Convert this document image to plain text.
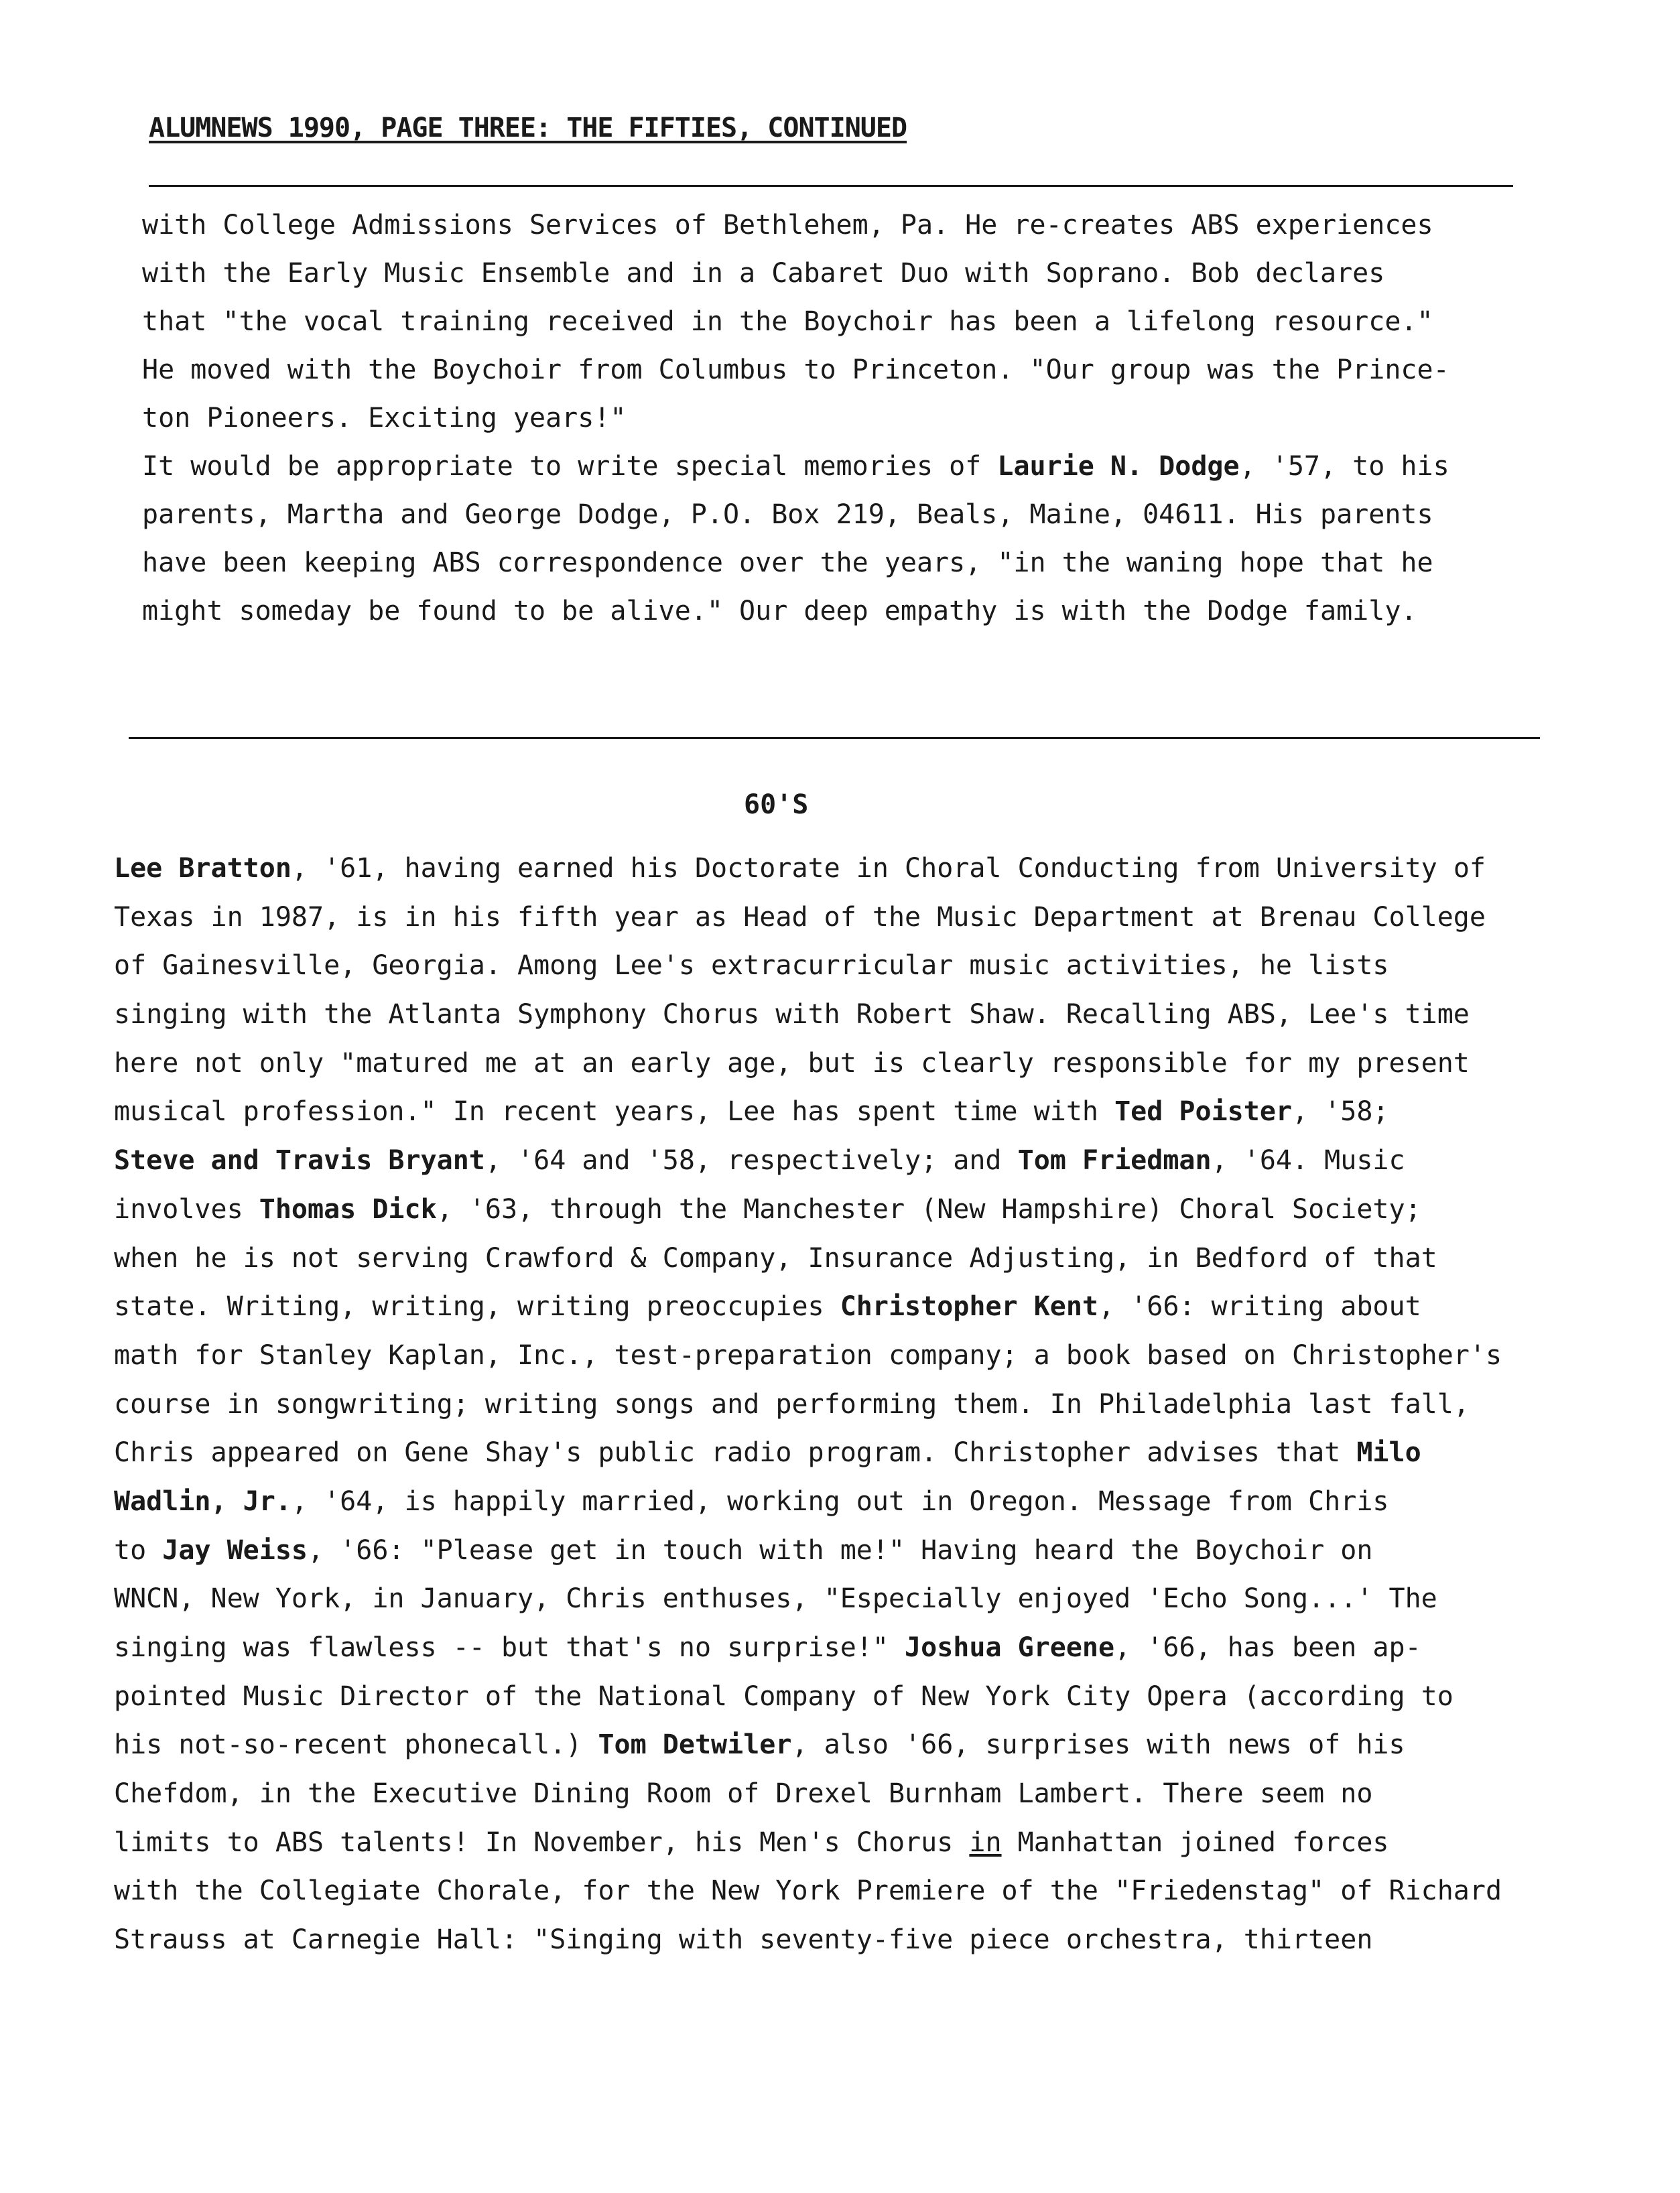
ALUMNEWS 1990, PAGE THREE: THE FIFTIES, CONTINUED
with College Admissions Services of Bethlehem, Pa. He re-creates ABS experiences
with the Early Music Ensemble and in a Cabaret Duo with Soprano. Bob declares
that "the vocal training received in the Boychoir has been a lifelong resource."
He moved with the Boychoir from Columbus to Princeton. "Our group was the Prince-
ton Pioneers. Exciting years!"
It would be appropriate to write special memories of Laurie N. Dodge, '57, to his
parents, Martha and George Dodge, P.O. Box 219, Beals, Maine, 04611. His parents
have been keeping ABS correspondence over the years, "in the waning hope that he
might someday be found to be alive." Our deep empathy is with the Dodge family.
60'S
Lee Bratton, '61, having earned his Doctorate in Choral Conducting from University of
Texas in 1987, is in his fifth year as Head of the Music Department at Brenau College
of Gainesville, Georgia. Among Lee's extracurricular music activities, he lists
singing with the Atlanta Symphony Chorus with Robert Shaw. Recalling ABS, Lee's time
here not only "matured me at an early age, but is clearly responsible for my present
musical profession." In recent years, Lee has spent time with Ted Poister, '58;
Steve and Travis Bryant, '64 and '58, respectively; and Tom Friedman, '64. Music
involves Thomas Dick, '63, through the Manchester (New Hampshire) Choral Society;
when he is not serving Crawford & Company, Insurance Adjusting, in Bedford of that
state. Writing, writing, writing preoccupies Christopher Kent, '66: writing about
math for Stanley Kaplan, Inc., test-preparation company; a book based on Christopher's
course in songwriting; writing songs and performing them. In Philadelphia last fall,
Chris appeared on Gene Shay's public radio program. Christopher advises that Milo
Wadlin, Jr., '64, is happily married, working out in Oregon. Message from Chris
to Jay Weiss, '66: "Please get in touch with me!" Having heard the Boychoir on
WNCN, New York, in January, Chris enthuses, "Especially enjoyed 'Echo Song...' The
singing was flawless -- but that's no surprise!" Joshua Greene, '66, has been ap-
pointed Music Director of the National Company of New York City Opera (according to
his not-so-recent phonecall.) Tom Detwiler, also '66, surprises with news of his
Chefdom, in the Executive Dining Room of Drexel Burnham Lambert. There seem no
limits to ABS talents! In November, his Men's Chorus in Manhattan joined forces
with the Collegiate Chorale, for the New York Premiere of the "Friedenstag" of Richard
Strauss at Carnegie Hall: "Singing with seventy-five piece orchestra, thirteen
